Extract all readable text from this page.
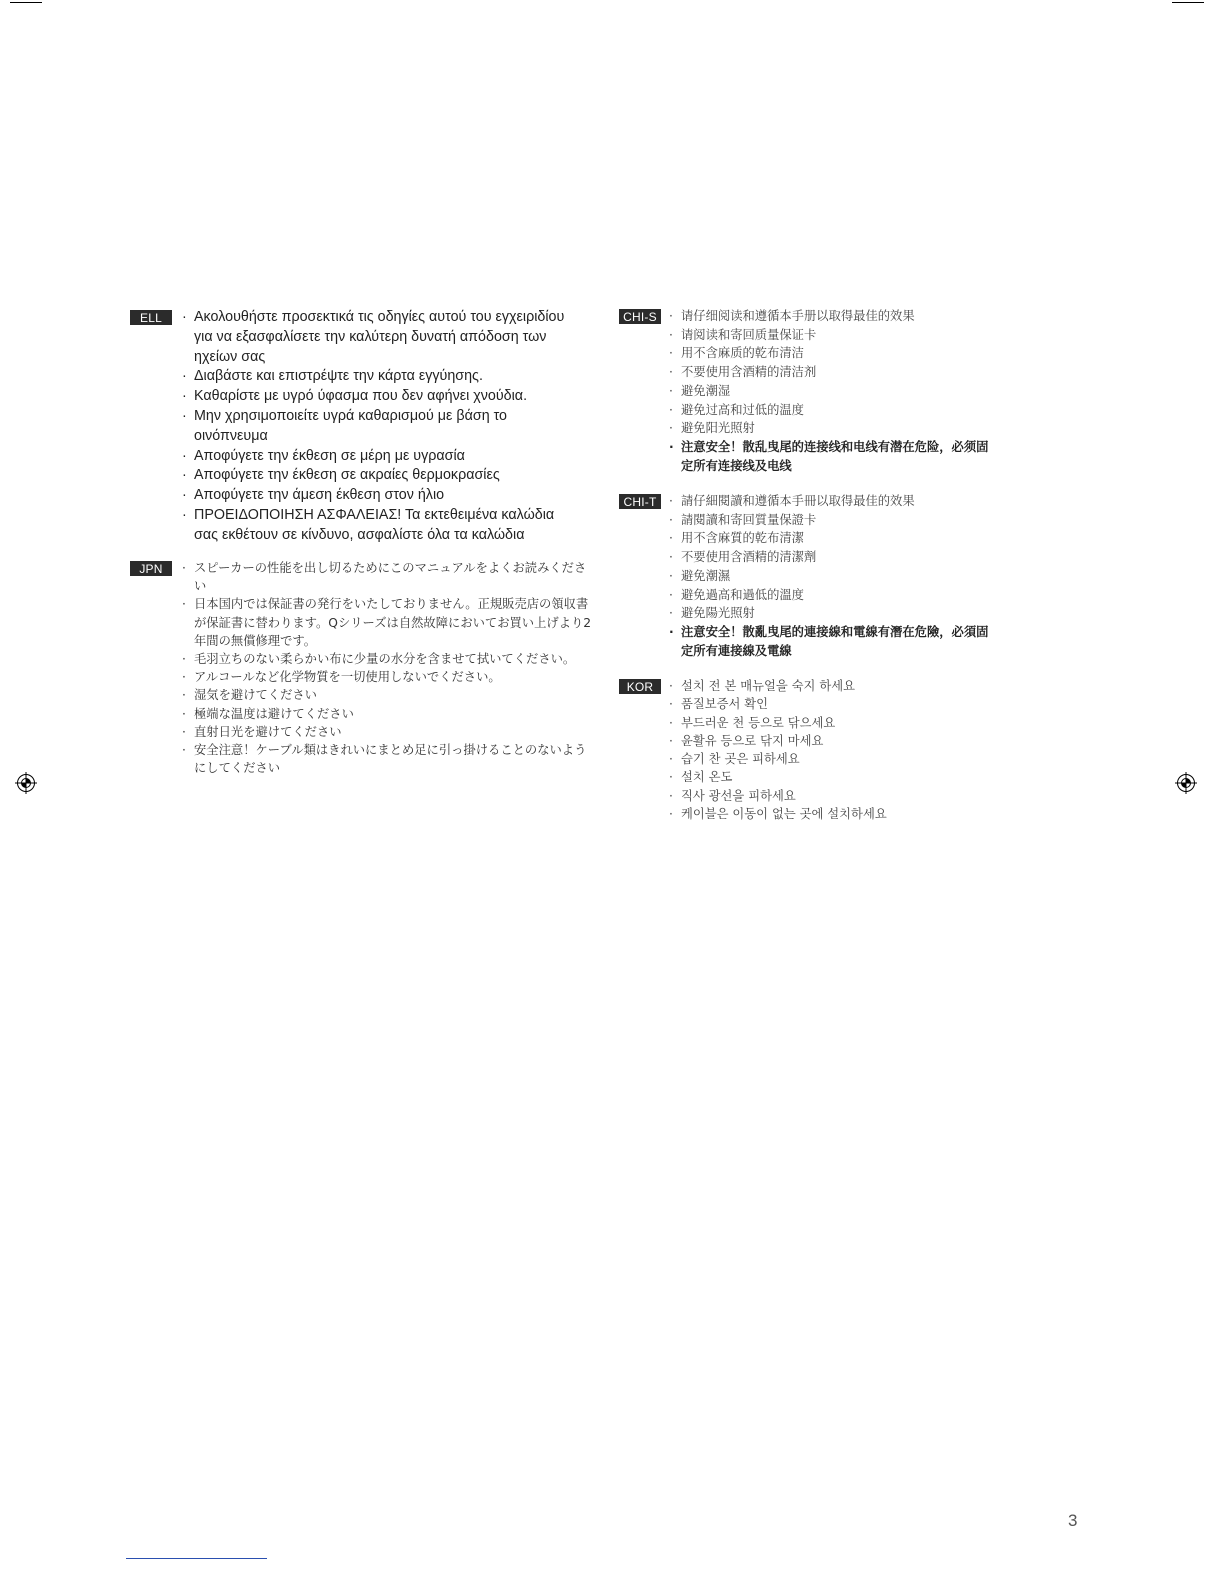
ELL	· Ακολουθήστε προσεκτικά τις οδηγίες αυτού του εγχειριδίου για να εξασφαλίσετε την καλύτερη δυνατή απόδοση των ηχείων σας
· Διαβάστε και επιστρέψτε την κάρτα εγγύησης.
· Καθαρίστε με υγρό ύφασμα που δεν αφήνει χνούδια.
· Μην χρησιμοποιείτε υγρά καθαρισμού με βάση το οινόπνευμα
· Αποφύγετε την έκθεση σε μέρη με υγρασία
· Αποφύγετε την έκθεση σε ακραίες θερμοκρασίες
· Αποφύγετε την άμεση έκθεση στον ήλιο
· ΠΡΟΕΙΔΟΠΟΙΗΣΗ ΑΣΦΑΛΕΙΑΣ! Τα εκτεθειμένα καλώδια σας εκθέτουν σε κίνδυνο, ασφαλίστε όλα τα καλώδια
JPN	· スピーカーの性能を出し切るためにこのマニュアルをよくお読みください
· 日本国内では保証書の発行をいたしておりません。正規販売店の領収書が保証書に替わります。Qシリーズは自然故障においてお買い上げより2年間の無償修理です。
· 毛羽立ちのない柔らかい布に少量の水分を含ませて拭いてください。
· アルコールなど化学物質を一切使用しないでください。
· 湿気を避けてください
· 極端な温度は避けてください
· 直射日光を避けてください
· 安全注意！ケーブル類はきれいにまとめ足に引っ掛けることのないようにしてください
CHI-S · 请仔细阅读和遵循本手册以取得最佳的效果
· 请阅读和寄回质量保证卡
· 用不含麻质的乾布清洁
· 不要使用含酒精的清洁剂
· 避免潮湿
· 避免过高和过低的温度
· 避免阳光照射
· 注意安全！散乱曳尾的连接线和电线有潜在危险，必须固定所有连接线及电线
CHI-T	· 請仔細閱讀和遵循本手冊以取得最佳的效果
· 請閱讀和寄回質量保證卡
· 用不含麻質的乾布清潔
· 不要使用含酒精的清潔劑
· 避免潮濕
· 避免過高和過低的溫度
· 避免陽光照射
· 注意安全！散亂曳尾的連接線和電線有潛在危險，必須固定所有連接線及電線
KOR	· 설치 전 본 매뉴얼을 숙지 하세요
· 품질보증서 확인
· 부드러운 천 등으로 닦으세요
· 윤활유 등으로 닦지 마세요
· 습기 찬 곳은 피하세요
· 설치 온도
· 직사 광선을 피하세요
· 케이블은 이동이 없는 곳에 설치하세요
3
